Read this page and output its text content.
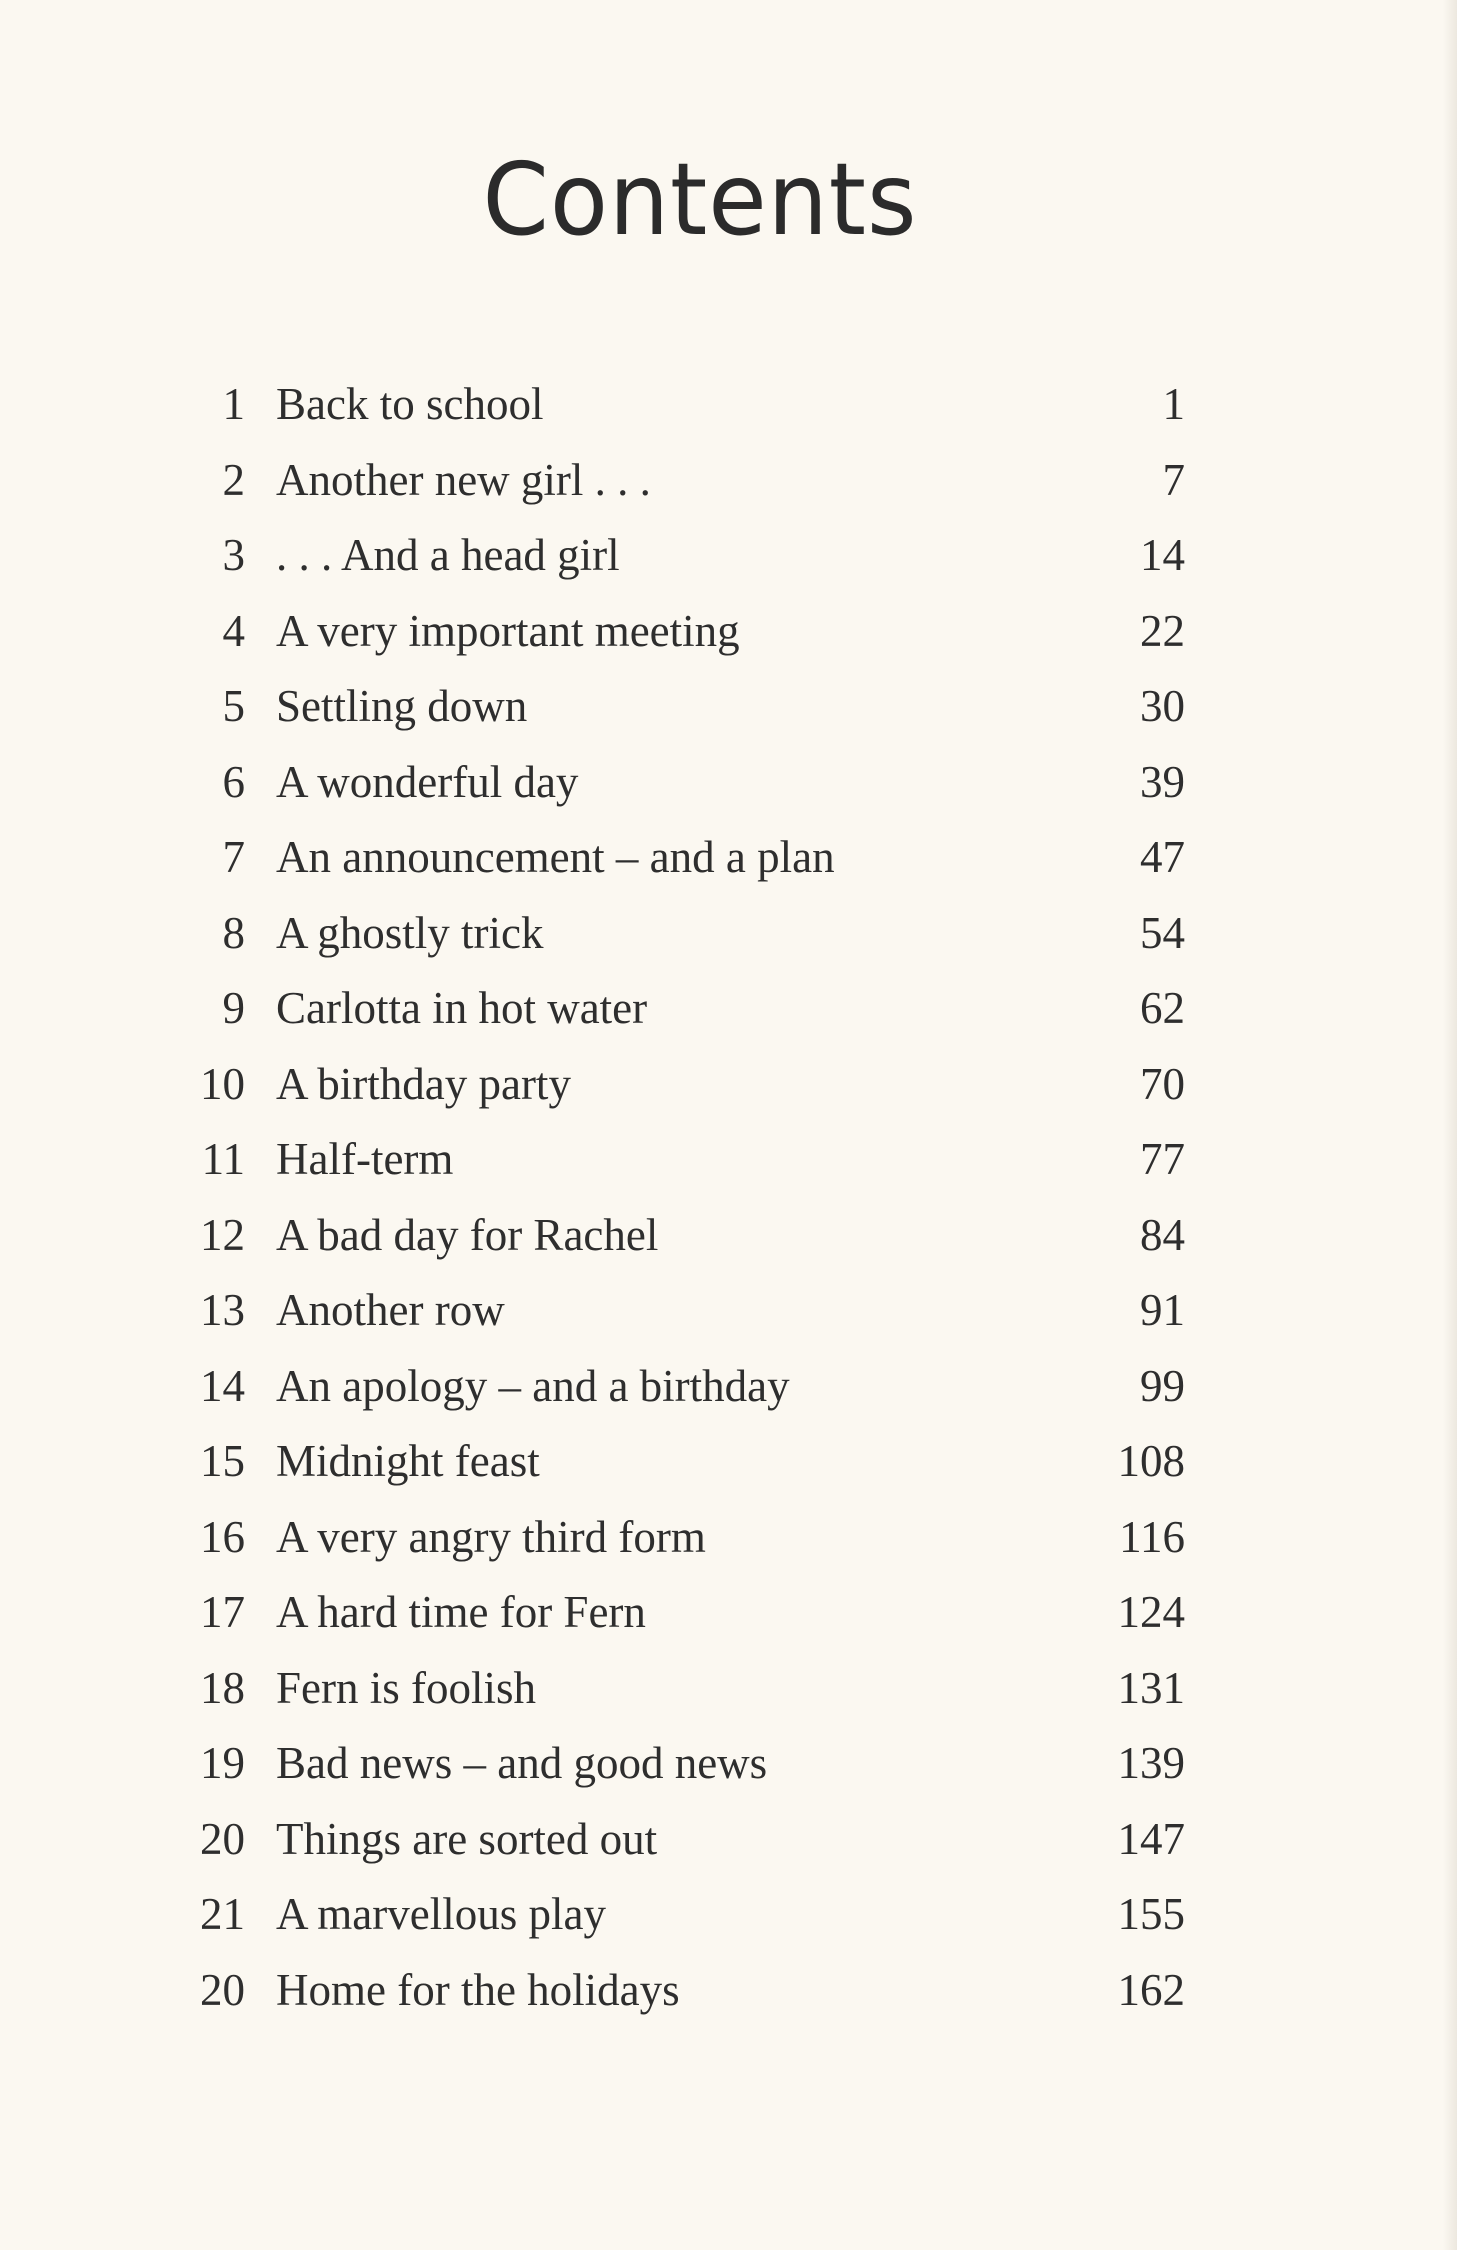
Contents
1 Back to school	1
2 Another new girl . . .	7
3 . . . And a head girl	14
4 A very important meeting	22
5 Settling down	30
6 A wonderful day	39
7 An announcement – and a plan	47
8 A ghostly trick	54
9 Carlotta in hot water	62
10 A birthday party	70
11 Half-term	77
12 A bad day for Rachel	84
13 Another row	91
14 An apology – and a birthday	99
15 Midnight feast	108
16 A very angry third form	116
17 A hard time for Fern	124
18 Fern is foolish	131
19 Bad news – and good news	139
20 Things are sorted out	147
21 A marvellous play	155
20 Home for the holidays	162
